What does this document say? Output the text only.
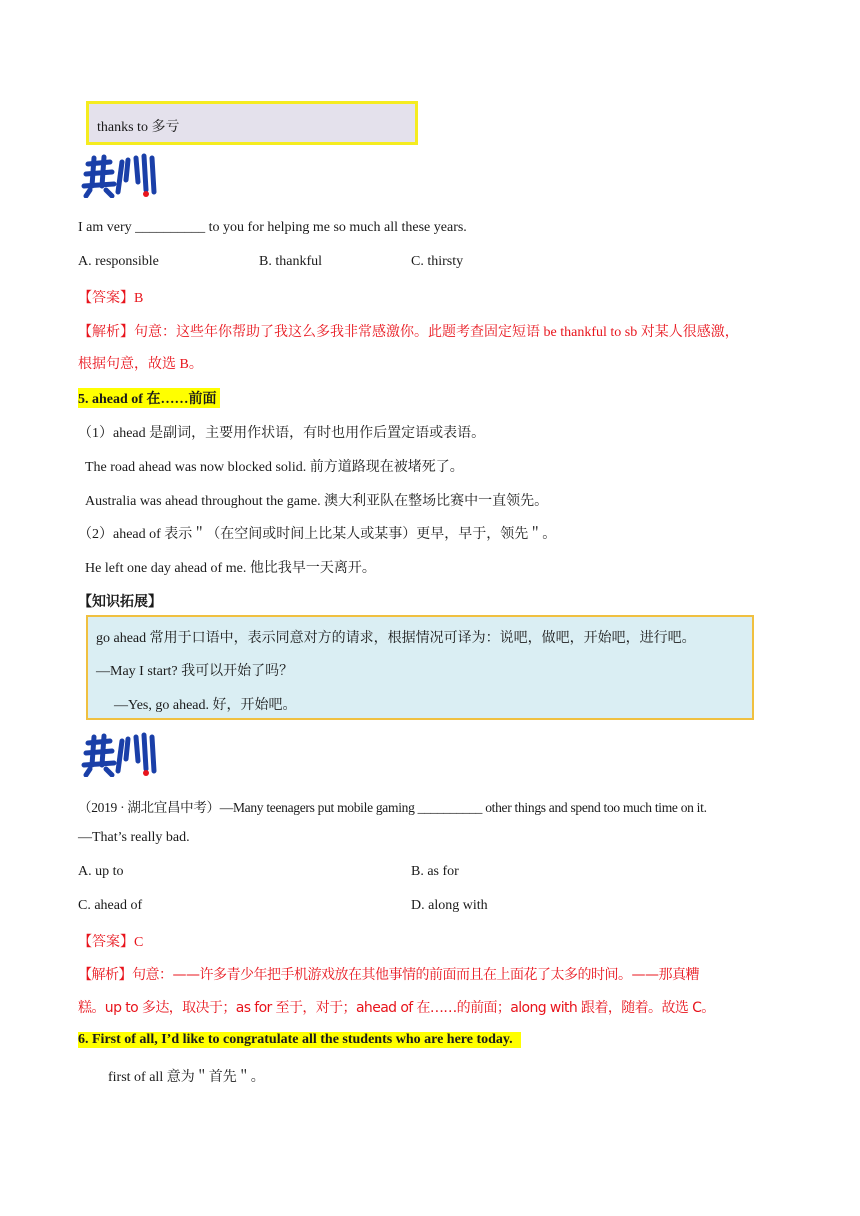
thanks to 多亏
I am very __________ to you for helping me so much all these years.
A. responsible	B. thankful	C. thirsty
【答案】B
【解析】句意：这些年你帮助了我这么多我非常感激你。此题考查固定短语 be thankful to sb 对某人很感激，
根据句意，故选 B。
5. ahead of 在……前面
（1）ahead 是副词，主要用作状语，有时也用作后置定语或表语。
The road ahead was now blocked solid. 前方道路现在被堵死了。
Australia was ahead throughout the game. 澳大利亚队在整场比赛中一直领先。
（2）ahead of 表示＂（在空间或时间上比某人或某事）更早，早于，领先＂。
He left one day ahead of me. 他比我早一天离开。
【知识拓展】
go ahead 常用于口语中，表示同意对方的请求，根据情况可译为：说吧，做吧，开始吧，进行吧。
—May I start? 我可以开始了吗？
—Yes, go ahead. 好，开始吧。
（2019 · 湖北宜昌中考）—Many teenagers put mobile gaming __________ other things and spend too much time on it.
—That’s really bad.
A. up to	B. as for
C. ahead of	D. along with
【答案】C
【解析】句意：——许多青少年把手机游戏放在其他事情的前面而且在上面花了太多的时间。——那真糟
糕。up to 多达，取决于；as for 至于，对于；ahead of 在……的前面；along with 跟着，随着。故选 C。
6. First of all, I’d like to congratulate all the students who are here today.
first of all 意为＂首先＂。
